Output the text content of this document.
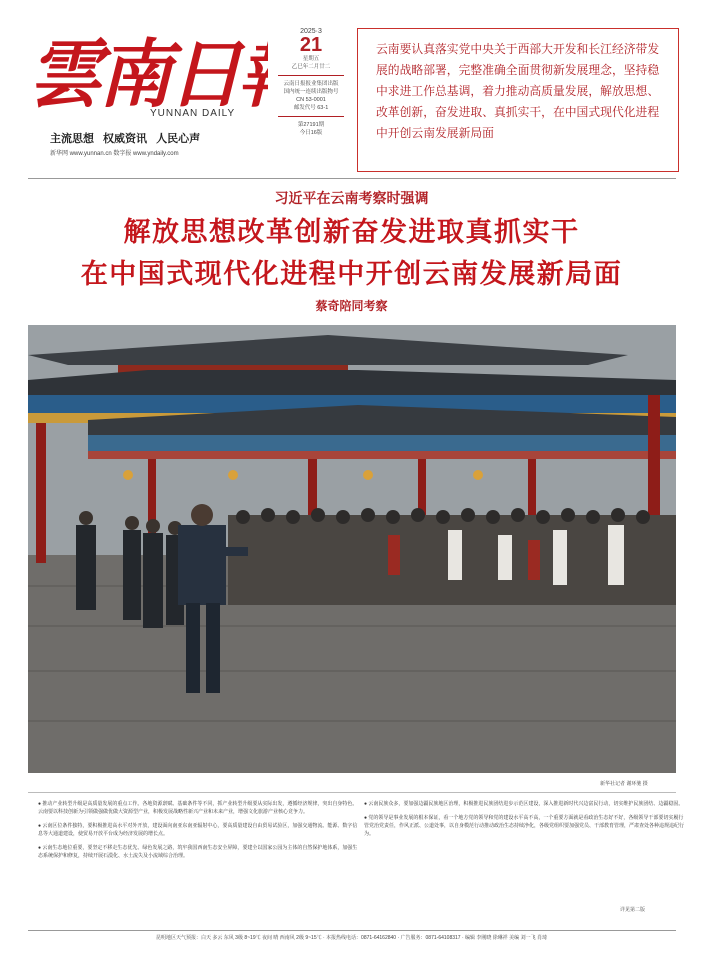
雲南日
YUNNAN DAILY
主流思想 权威资讯 人民心声
新华网 www.yunnan.cn 数字报 www.yndaily.com
2025·3
21
星期五
乙巳年二月廿二
云南日报报业集团出版
国内统一连续出版物号
CN 53-0001
邮发代号 63-1
第27191期
今日16版
云南要认真落实党中央关于西部大开发和长江经济带发展的战略部署，完整准确全面贯彻新发展理念，坚持稳中求进工作总基调，着力推动高质量发展，解放思想、改革创新，奋发进取、真抓实干，在中国式现代化进程中开创云南发展新局面
习近平在云南考察时强调
解放思想改革创新奋发进取真抓实干
在中国式现代化进程中开创云南发展新局面
蔡奇陪同考察
新华社记者 谢环驰 摄

● 推动产业转型升级是高质量发展的重点工作。各地资源禀赋、基础条件等不同，抓产业转型升级要从实际出发，遵循经济规律，突出自身特色。云南要以科技创新为引领做强做优做大资源型产业，积极发展战略性新兴产业和未来产业，增强文化旅游产业核心竞争力。

● 云南区位条件独特，要积极推进高水平对外开放，建设面向南亚东南亚辐射中心，要高质量建设自由贸易试验区，加强交通物流、能源、数字信息等大通道建设，使贸易开放平台成为经济发展的增长点。

● 云南生态地位重要，要坚定不移走生态优先、绿色发展之路，筑牢我国西南生态安全屏障，要建全以国家公园为主体的自然保护地体系，加强生态系统保护和修复，持续开展石漠化、水土流失及小流域综合治理。

● 云南民族众多，要加强边疆民族地区治理，积极推进民族团结进步示范区建设，深入推进新时代兴边富民行动，切实维护民族团结、边疆稳固。

● 党的领导是事业发展的根本保证，看一个地方党的领导和党的建设水平高不高，一个重要方面就是看政治生态好不好，各级领导干部要切实履行管党治党责任，作风正派、公道处事，以自身模范行动推动政治生态持续净化，各级党组织要加强党员、干部教育管理，严肃查处各种违规违纪行为。

详见第二版
昆明地区天气预报：白天 多云 东风 3级 8~19℃ 夜间 晴 西南风 2级 9~15℃ · 本报热线电话：0871-64162840 · 广告服务：0871-64108317 · 编辑 李刚晓 徐琳祥 美编 刘一飞 肖琦
